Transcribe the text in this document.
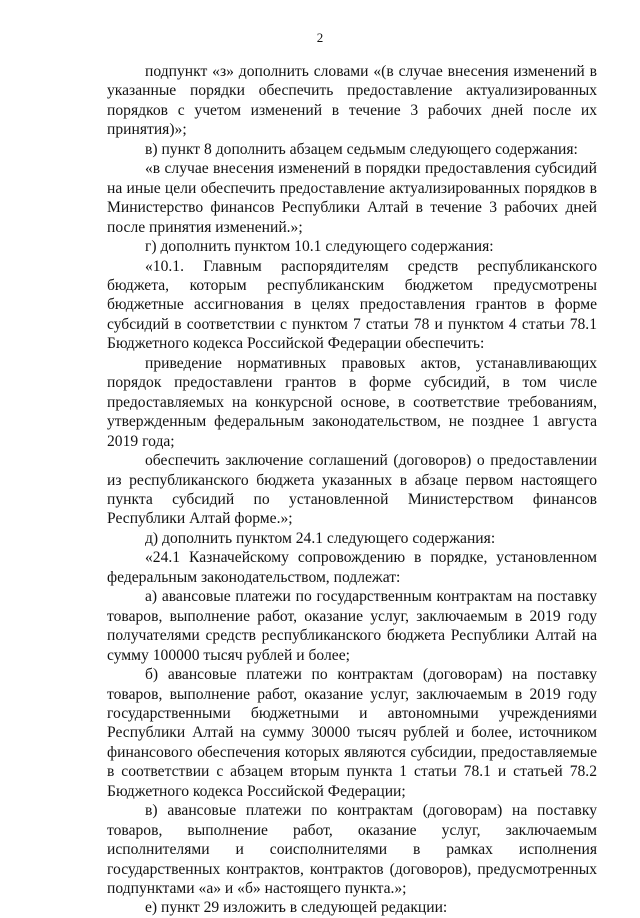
2

подпункт «з» дополнить словами «(в случае внесения изменений в указанные порядки обеспечить предоставление актуализированных порядков с учетом изменений в течение 3 рабочих дней после их принятия)»;

в) пункт 8 дополнить абзацем седьмым следующего содержания:

«в случае внесения изменений в порядки предоставления субсидий на иные цели обеспечить предоставление актуализированных порядков в Министерство финансов Республики Алтай в течение 3 рабочих дней после принятия изменений.»;

г) дополнить пунктом 10.1 следующего содержания:

«10.1. Главным распорядителям средств республиканского бюджета, которым республиканским бюджетом предусмотрены бюджетные ассигнования в целях предоставления грантов в форме субсидий в соответствии с пунктом 7 статьи 78 и пунктом 4 статьи 78.1 Бюджетного кодекса Российской Федерации обеспечить:

приведение нормативных правовых актов, устанавливающих порядок предоставлени грантов в форме субсидий, в том числе предоставляемых на конкурсной основе, в соответствие требованиям, утвержденным федеральным законодательством, не позднее 1 августа 2019 года;

обеспечить заключение соглашений (договоров) о предоставлении из республиканского бюджета указанных в абзаце первом настоящего пункта субсидий по установленной Министерством финансов Республики Алтай форме.»;

д) дополнить пунктом 24.1 следующего содержания:

«24.1 Казначейскому сопровождению в порядке, установленном федеральным законодательством, подлежат:

а) авансовые платежи по государственным контрактам на поставку товаров, выполнение работ, оказание услуг, заключаемым в 2019 году получателями средств республиканского бюджета Республики Алтай на сумму 100000 тысяч рублей и более;

б) авансовые платежи по контрактам (договорам) на поставку товаров, выполнение работ, оказание услуг, заключаемым в 2019 году государственными бюджетными и автономными учреждениями Республики Алтай на сумму 30000 тысяч рублей и более, источником финансового обеспечения которых являются субсидии, предоставляемые в соответствии с абзацем вторым пункта 1 статьи 78.1 и статьей 78.2 Бюджетного кодекса Российской Федерации;

в) авансовые платежи по контрактам (договорам) на поставку товаров, выполнение работ, оказание услуг, заключаемым исполнителями и соисполнителями в рамках исполнения государственных контрактов, контрактов (договоров), предусмотренных подпунктами «а» и «б» настоящего пункта.»;

е) пункт 29 изложить в следующей редакции:
